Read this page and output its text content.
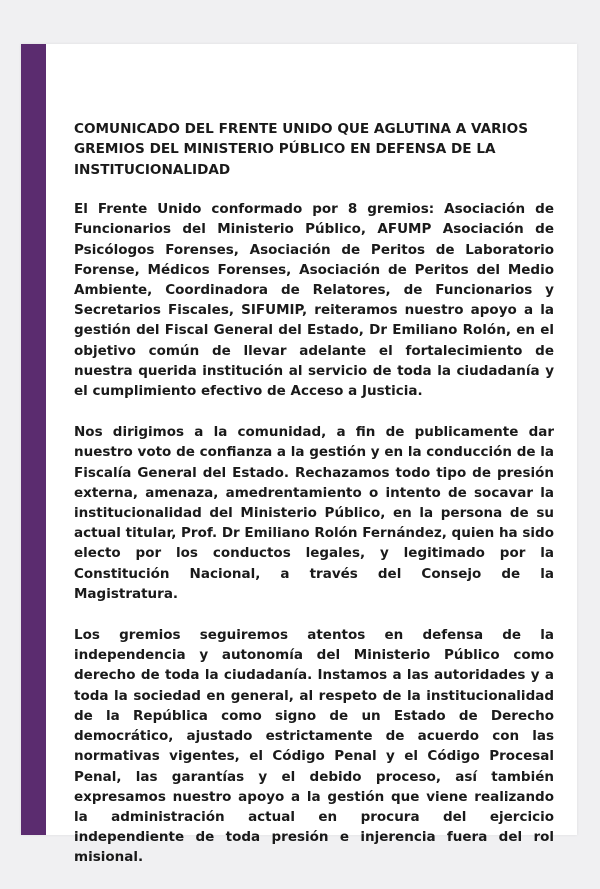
COMUNICADO DEL FRENTE UNIDO QUE AGLUTINA A VARIOS GREMIOS DEL MINISTERIO PÚBLICO EN DEFENSA DE LA INSTITUCIONALIDAD

El Frente Unido conformado por 8 gremios: Asociación de Funcionarios del Ministerio Público, AFUMP Asociación de Psicólogos Forenses, Asociación de Peritos de Laboratorio Forense, Médicos Forenses, Asociación de Peritos del Medio Ambiente, Coordinadora de Relatores, de Funcionarios y Secretarios Fiscales, SIFUMIP, reiteramos nuestro apoyo a la gestión del Fiscal General del Estado, Dr Emiliano Rolón, en el objetivo común de llevar adelante el fortalecimiento de nuestra querida institución al servicio de toda la ciudadanía y el cumplimiento efectivo de Acceso a Justicia.

Nos dirigimos a la comunidad, a fin de publicamente dar nuestro voto de confianza a la gestión y en la conducción de la Fiscalía General del Estado. Rechazamos todo tipo de presión externa, amenaza, amedrentamiento o intento de socavar la institucionalidad del Ministerio Público, en la persona de su actual titular, Prof. Dr Emiliano Rolón Fernández, quien ha sido electo por los conductos legales, y legitimado por la Constitución Nacional, a través del Consejo de la Magistratura.

Los gremios seguiremos atentos en defensa de la independencia y autonomía del Ministerio Público como derecho de toda la ciudadanía. Instamos a las autoridades y a toda la sociedad en general, al respeto de la institucionalidad de la República como signo de un Estado de Derecho democrático, ajustado estrictamente de acuerdo con las normativas vigentes, el Código Penal y el Código Procesal Penal, las garantías y el debido proceso, así también expresamos nuestro apoyo a la gestión que viene realizando la administración actual en procura del ejercicio independiente de toda presión e injerencia fuera del rol misional.
